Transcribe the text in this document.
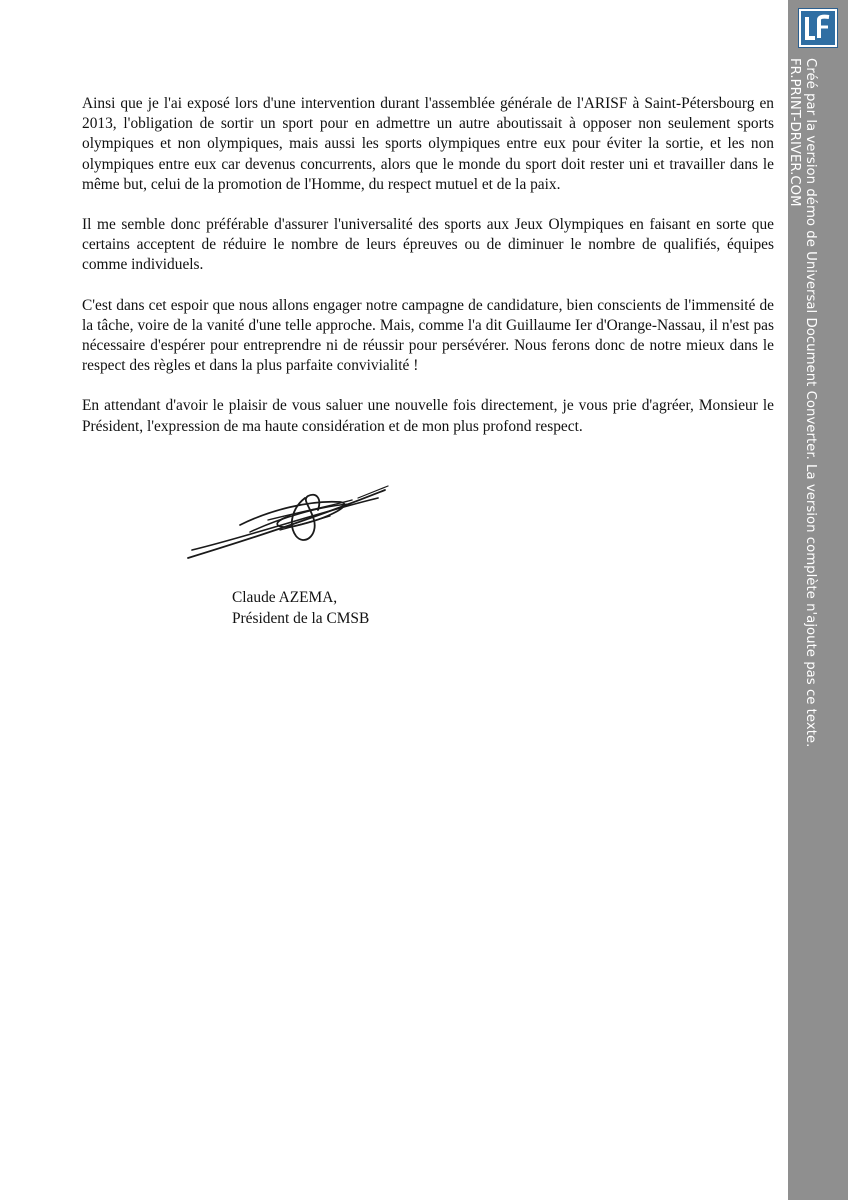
Ainsi que je l'ai exposé lors d'une intervention durant l'assemblée générale de l'ARISF à Saint-Pétersbourg en 2013, l'obligation de sortir un sport pour en admettre un autre aboutissait à opposer non seulement sports olympiques et non olympiques, mais aussi les sports olympiques entre eux pour éviter la sortie, et les non olympiques entre eux car devenus concurrents, alors que le monde du sport doit rester uni et travailler dans le même but, celui de la promotion de l'Homme, du respect mutuel et de la paix.

Il me semble donc préférable d'assurer l'universalité des sports aux Jeux Olympiques en faisant en sorte que certains acceptent de réduire le nombre de leurs épreuves ou de diminuer le nombre de qualifiés, équipes comme individuels.

C'est dans cet espoir que nous allons engager notre campagne de candidature, bien conscients de l'immensité de la tâche, voire de la vanité d'une telle approche. Mais, comme l'a dit Guillaume Ier d'Orange-Nassau, il n'est pas nécessaire d'espérer pour entreprendre ni de réussir pour persévérer. Nous ferons donc de notre mieux dans le respect des règles et dans la plus parfaite convivialité !

En attendant d'avoir le plaisir de vous saluer une nouvelle fois directement, je vous prie d'agréer, Monsieur le Président, l'expression de ma haute considération et de mon plus profond respect.

Claude AZEMA,
Président de la CMSB	Créé par la version démo de Universal Document Converter. La version complète n'ajoute pas ce texte.
FR.PRINT-DRIVER.COM
